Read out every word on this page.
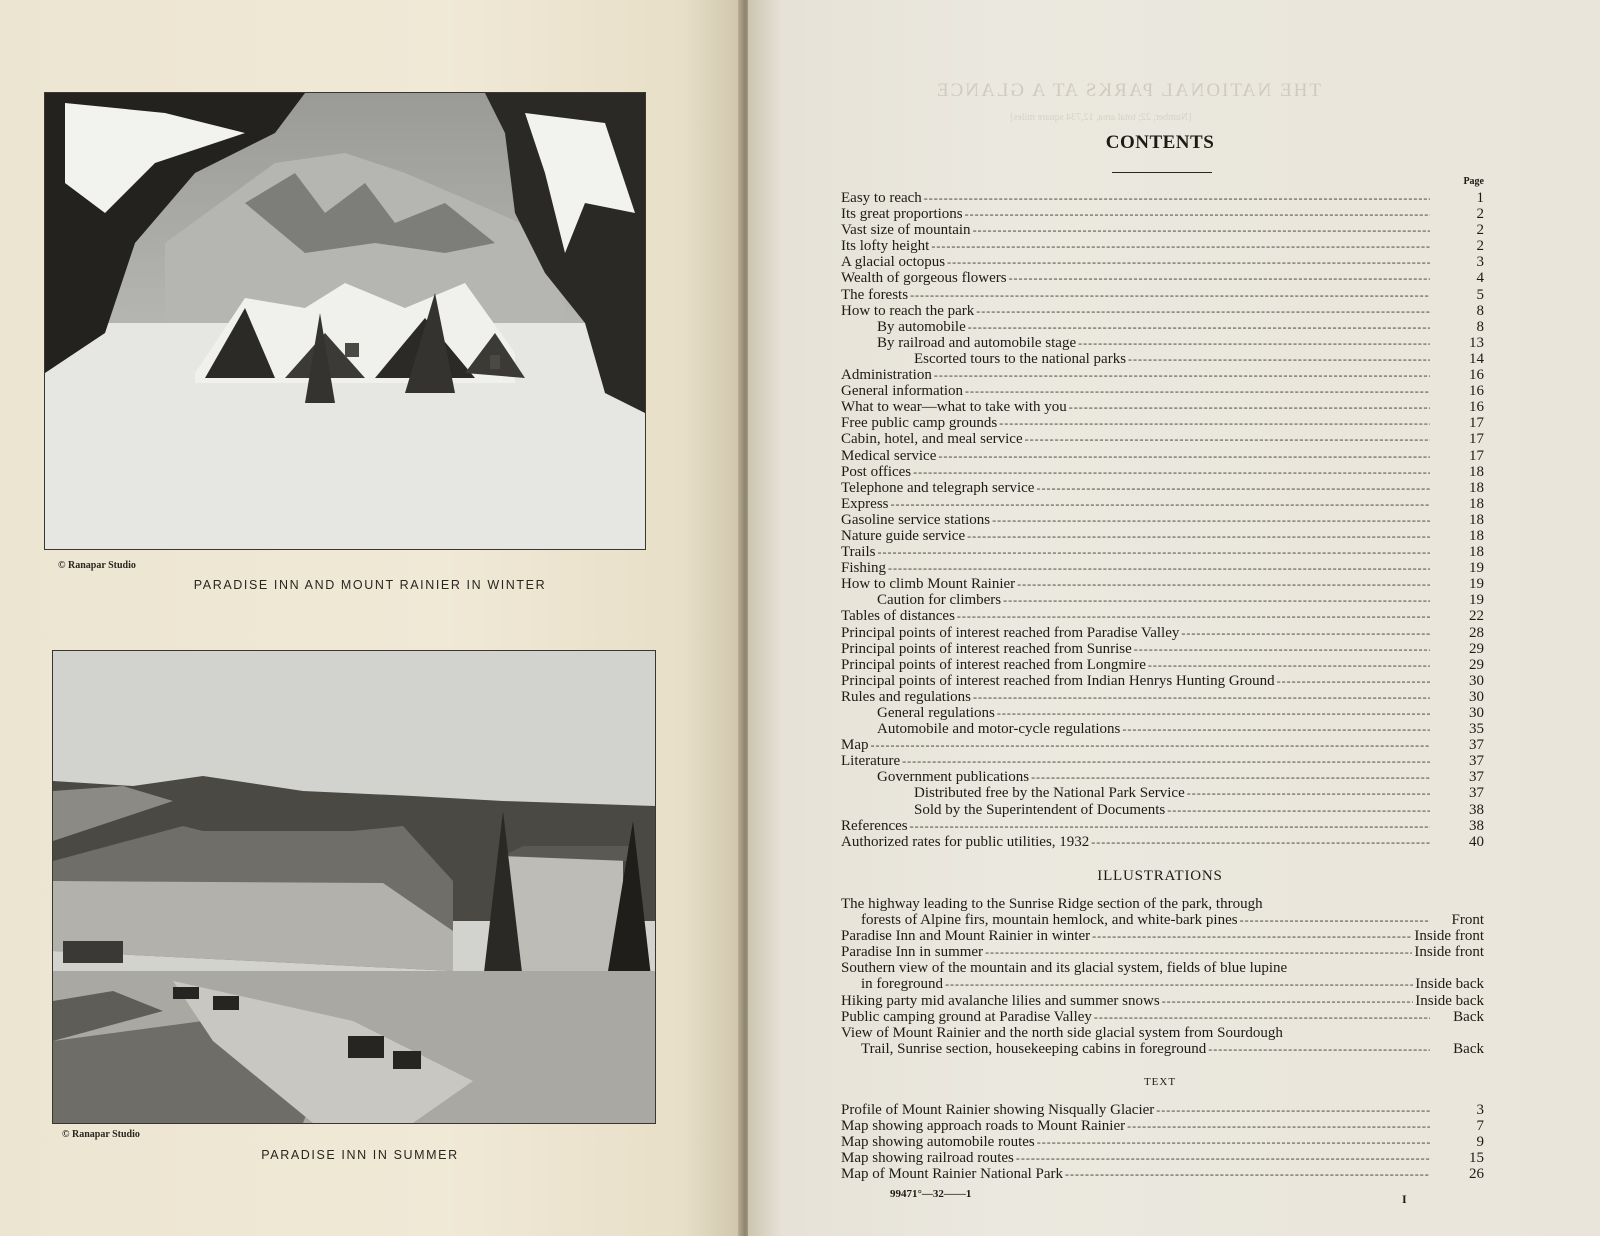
© Ranapar Studio
PARADISE INN AND MOUNT RAINIER IN WINTER
© Ranapar Studio
PARADISE INN IN SUMMER
THE NATIONAL PARKS AT A GLANCE
[Number, 22; total area, 12,734 square miles]
CONTENTS
Page
Easy to reach -----	1
Its great proportions -----	2
Vast size of mountain -----	2
Its lofty height -----	2
A glacial octopus -----	3
Wealth of gorgeous flowers -----	4
The forests -----	5
How to reach the park -----	8
By automobile -----	8
By railroad and automobile stage -----	13
Escorted tours to the national parks -----	14
Administration -----	16
General information -----	16
What to wear—what to take with you -----	16
Free public camp grounds -----	17
Cabin, hotel, and meal service -----	17
Medical service -----	17
Post offices -----	18
Telephone and telegraph service -----	18
Express -----	18
Gasoline service stations -----	18
Nature guide service -----	18
Trails -----	18
Fishing -----	19
How to climb Mount Rainier -----	19
Caution for climbers -----	19
Tables of distances -----	22
Principal points of interest reached from Paradise Valley -----	28
Principal points of interest reached from Sunrise -----	29
Principal points of interest reached from Longmire -----	29
Principal points of interest reached from Indian Henrys Hunting Ground -----	30
Rules and regulations -----	30
General regulations -----	30
Automobile and motor-cycle regulations -----	35
Map -----	37
Literature -----	37
Government publications -----	37
Distributed free by the National Park Service -----	37
Sold by the Superintendent of Documents -----	38
References -----	38
Authorized rates for public utilities, 1932 -----	40
ILLUSTRATIONS
The highway leading to the Sunrise Ridge section of the park, through
forests of Alpine firs, mountain hemlock, and white-bark pines -----	Front
Paradise Inn and Mount Rainier in winter -----	Inside front
Paradise Inn in summer -----	Inside front
Southern view of the mountain and its glacial system, fields of blue lupine
in foreground -----	Inside back
Hiking party mid avalanche lilies and summer snows -----	Inside back
Public camping ground at Paradise Valley -----	Back
View of Mount Rainier and the north side glacial system from Sourdough
Trail, Sunrise section, housekeeping cabins in foreground -----	Back
TEXT
Profile of Mount Rainier showing Nisqually Glacier -----	3
Map showing approach roads to Mount Rainier -----	7
Map showing automobile routes -----	9
Map showing railroad routes -----	15
Map of Mount Rainier National Park -----	26
99471°—32——1	I
